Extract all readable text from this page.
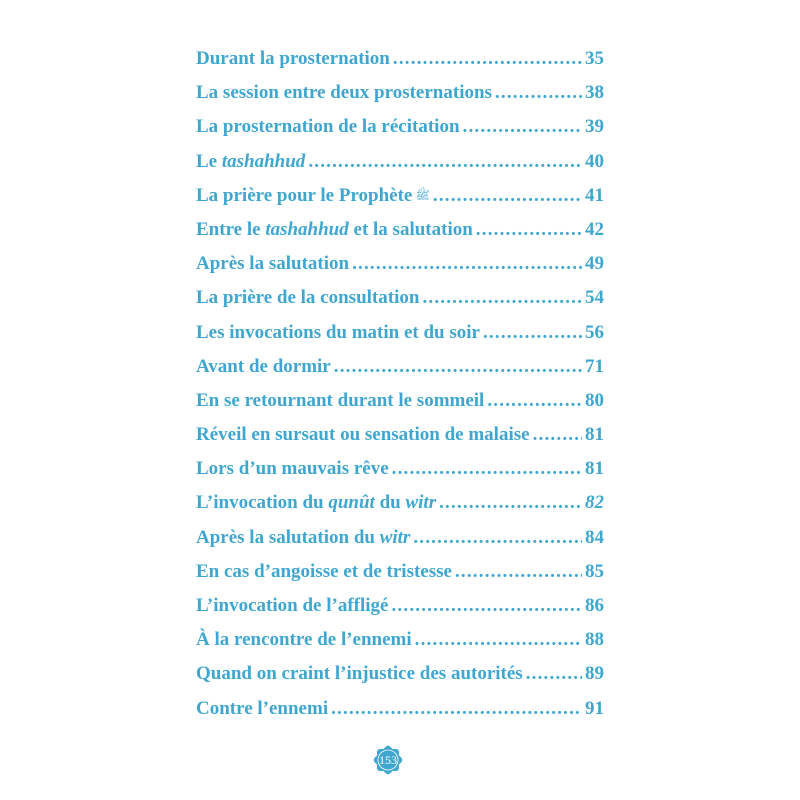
Durant la prosternation .....	35
La session entre deux prosternations .....	38
La prosternation de la récitation .....	39
Le tashahhud .....	40
La prière pour le Prophète ﷺ .....	41
Entre le tashahhud et la salutation .....	42
Après la salutation .....	49
La prière de la consultation .....	54
Les invocations du matin et du soir .....	56
Avant de dormir .....	71
En se retournant durant le sommeil .....	80
Réveil en sursaut ou sensation de malaise .....	81
Lors d’un mauvais rêve .....	81
L’invocation du qunût du witr .....	82
Après la salutation du witr .....	84
En cas d’angoisse et de tristesse .....	85
L’invocation de l’affligé .....	86
À la rencontre de l’ennemi .....	88
Quand on craint l’injustice des autorités .....	89
Contre l’ennemi .....	91
153
